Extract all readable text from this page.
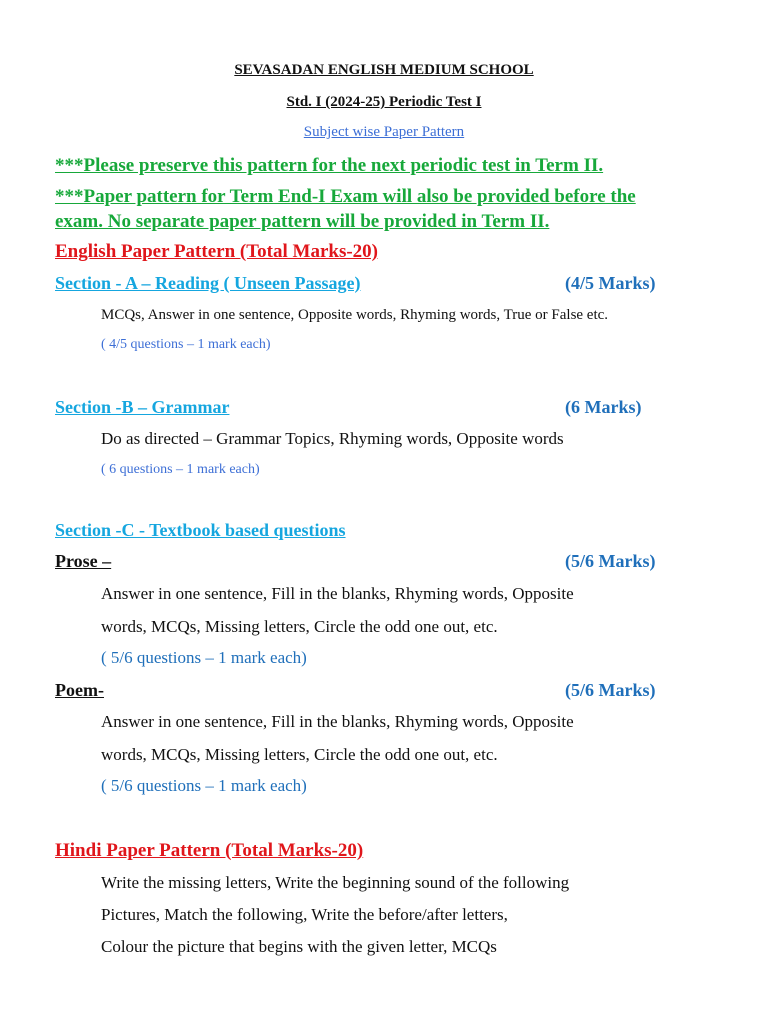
SEVASADAN ENGLISH MEDIUM SCHOOL
Std. I (2024-25) Periodic Test I
Subject wise Paper Pattern
***Please preserve this pattern for the next periodic test in Term II.
***Paper pattern for Term End-I Exam will also be provided before the
exam. No separate paper pattern will be provided in Term II.
English Paper Pattern (Total Marks-20)
Section - A – Reading ( Unseen Passage)	(4/5 Marks)
MCQs, Answer in one sentence, Opposite words, Rhyming words, True or False etc.
( 4/5 questions – 1 mark each)
Section -B – Grammar	(6 Marks)
Do as directed – Grammar Topics, Rhyming words, Opposite words
( 6 questions – 1 mark each)
Section -C - Textbook based questions
Prose –	(5/6 Marks)
Answer in one sentence, Fill in the blanks, Rhyming words, Opposite
words, MCQs, Missing letters, Circle the odd one out, etc.
( 5/6 questions – 1 mark each)
Poem-	(5/6 Marks)
Answer in one sentence, Fill in the blanks, Rhyming words, Opposite
words, MCQs, Missing letters, Circle the odd one out, etc.
( 5/6 questions – 1 mark each)
Hindi Paper Pattern (Total Marks-20)
Write the missing letters, Write the beginning sound of the following
Pictures, Match the following, Write the before/after letters,
Colour the picture that begins with the given letter, MCQs
